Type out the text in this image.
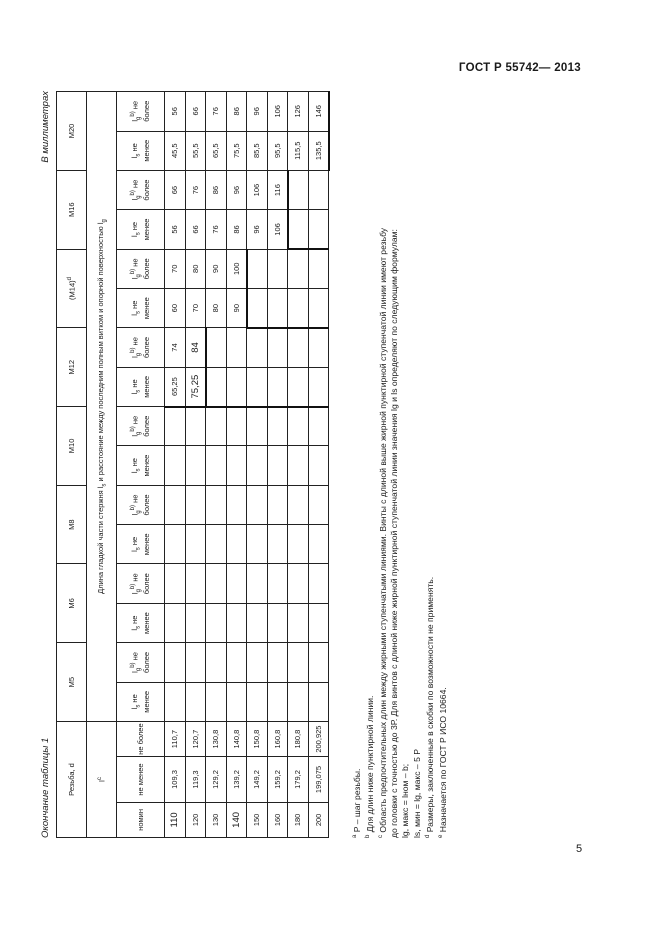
ГОСТ Р 55742— 2013
5
Окончание таблицы 1
В миллиметрах
Резьба, d			М5		М6		М8		М10		М12		$(М14)^d$		М16		М20	
$l^с$			Длина гладкой части стержня $l_s$ и расстояние между последним полным витком и опорной поверхностью $l_g$
номин	не менее	не более	$l_s$ не менее	$l_g^{b)}$ не более	$l_s$ не менее	$l_g^{b)}$ не более	$l_s$ не менее	$l_g^{b)}$ не более	$l_s$ не менее	$l_g^{b)}$ не более	$l_s$ не менее	$l_g^{b)}$ не более	$l_s$ не менее	$l_g^{b)}$ не более	$l_s$ не менее	$l_g^{b)}$ не более	$l_s$ не менее	$l_g^{b)}$ не более
110	109,3	110,7									65,25	74	60	70	56	66	45,5	56
120	119,3	120,7									75,25	84	70	80	66	76	55,5	66
130	129,2	130,8											80	90	76	86	65,5	76
140	139,2	140,8											90	100	86	96	75,5	86
150	149,2	150,8													96	106	85,5	96
160	159,2	160,8													106	116	95,5	106
180	179,2	180,8															115,5	126
200	199,075	200,925															135,5	146
$^a$ P – шаг резьбы.
$^b$ Для длин ниже пунктирной линии.
$^c$ Область предпочтительных длин между жирными ступенчатыми линиями. Винты с длиной выше жирной пунктирной ступенчатой линии имеют резьбу до головки с точностью до 3Р. Для винтов с длиной ниже жирной пунктирной ступенчатой линии значения lg и ls определяют по следующим формулам: lg, макс = lном – b; ls, мин = lg, макс – 5 P $^d$ Размеры, заключенные в скобки по возможности не применять.
$^e$ Назначается по ГОСТ Р ИСО 10664.
